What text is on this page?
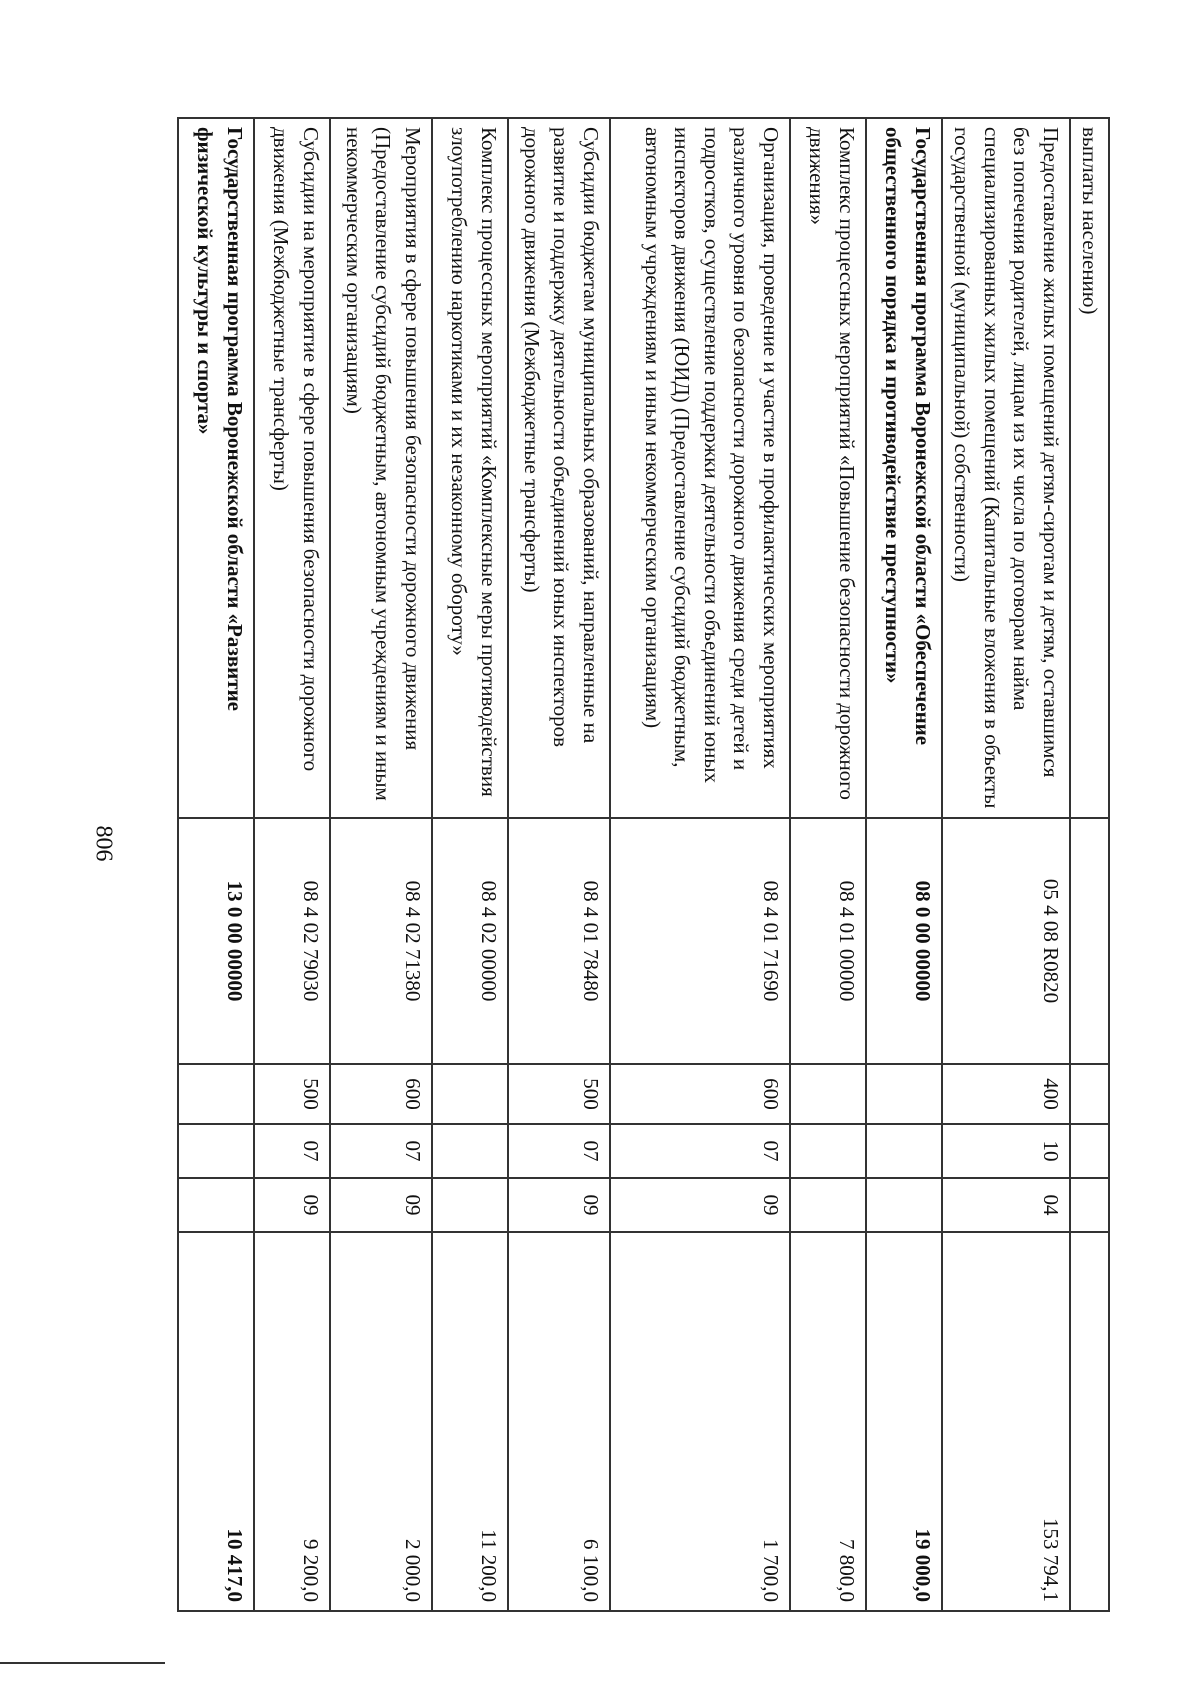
806
выплаты населению)					
Предоставление жилых помещений детям-сиротам и детям, оставшимся без попечения родителей, лицам из их числа по договорам найма специализированных жилых помещений (Капитальные вложения в объекты государственной (муниципальной) собственности)	05 4 08 R0820	400	10	04	153 794,1
Государственная программа Воронежской области «Обеспечение общественного порядка и противодействие преступности»	08 0 00 00000				19 000,0
Комплекс процессных мероприятий «Повышение безопасности дорожного движения»	08 4 01 00000				7 800,0
Организация, проведение и участие в профилактических мероприятиях различного уровня по безопасности дорожного движения среди детей и подростков, осуществление поддержки деятельности объединений юных инспекторов движения (ЮИД) (Предоставление субсидий бюджетным, автономным учреждениям и иным некоммерческим организациям)	08 4 01 71690	600	07	09	1 700,0
Субсидии бюджетам муниципальных образований, направленные на развитие и поддержку деятельности объединений юных инспекторов дорожного движения (Межбюджетные трансферты)	08 4 01 78480	500	07	09	6 100,0
Комплекс процессных мероприятий «Комплексные меры противодействия злоупотреблению наркотиками и их незаконному обороту»	08 4 02 00000				11 200,0
Мероприятия в сфере повышения безопасности дорожного движения (Предоставление субсидий бюджетным, автономным учреждениям и иным некоммерческим организациям)	08 4 02 71380	600	07	09	2 000,0
Субсидии на мероприятие в сфере повышения безопасности дорожного движения (Межбюджетные трансферты)	08 4 02 79030	500	07	09	9 200,0
Государственная программа Воронежской области «Развитие физической культуры и спорта»	13 0 00 00000				10 417,0
